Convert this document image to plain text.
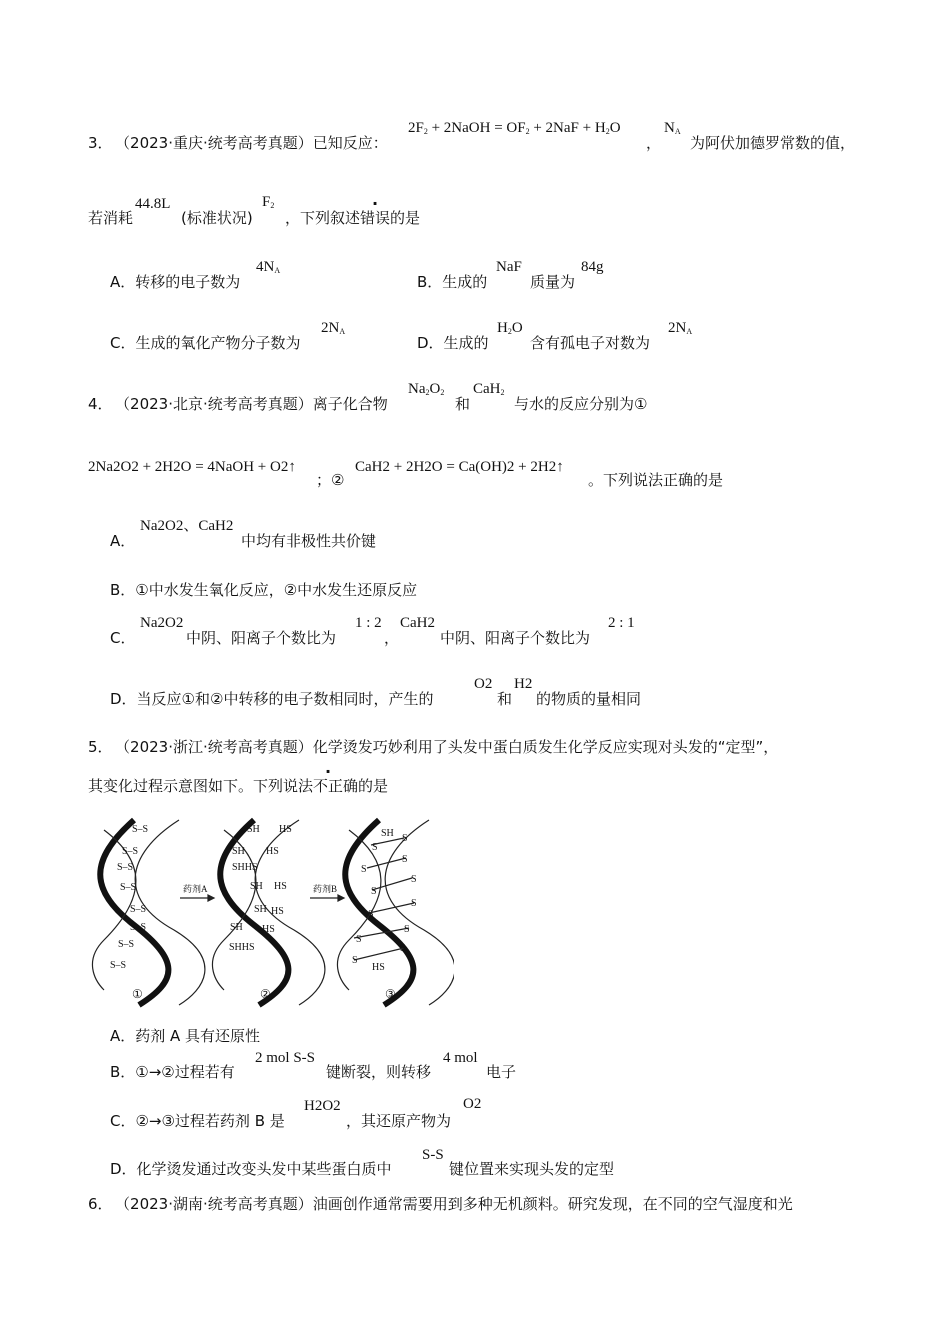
3． （2023·重庆·统考高考真题）已知反应：
$2F_2$ + 2NaOH = $OF_2 + 2NaF + H_2O$
，
$N_A$
为阿伏加德罗常数的值，
若消耗
44.8L
(标准状况)
$F_2$
，下列叙述错误的是
A．转移的电子数为
$4N_A$
B．生成的
NaF
质量为
84g
C．生成的氧化产物分子数为
$2N_A$
D．生成的
$H_2O$
含有孤电子对数为
$2N_A$
4． （2023·北京·统考高考真题）离子化合物
$Na_2O_2$
和
CaH$_2$
与水的反应分别为①
2Na2O2 + 2H2O = 4NaOH + O2↑
；②
CaH2 + 2H2O = Ca(OH)2 + 2H2↑
。下列说法正确的是
A．
Na2O2、CaH2
中均有非极性共价键
B．①中水发生氧化反应，②中水发生还原反应
C．
Na2O2
中阴、阳离子个数比为
1 : 2
，
CaH2
中阴、阳离子个数比为
2 : 1
D．当反应①和②中转移的电子数相同时，产生的
O2
和
H2
的物质的量相同
5． （2023·浙江·统考高考真题）化学烫发巧妙利用了头发中蛋白质发生化学反应实现对头发的“定型”，
其变化过程示意图如下。下列说法不正确的是
S–S
S–S
S–S
S–S
S–S
S–S
S–S
S–S
SH HS
SH HS
SHHS
SH HS
SH HS
SH HS
SHHS
SH
S
S
S
S
S
S
S
S
S
S
S
S
HS
药剂A	药剂B
①	②	③
A．药剂 A 具有还原性
B．①→②过程若有
2 mol S-S
键断裂，则转移
4 mol
电子
C．②→③过程若药剂 B 是
H2O2
，其还原产物为
O2
D．化学烫发通过改变头发中某些蛋白质中
S-S
键位置来实现头发的定型
6． （2023·湖南·统考高考真题）油画创作通常需要用到多种无机颜料。研究发现，在不同的空气湿度和光
